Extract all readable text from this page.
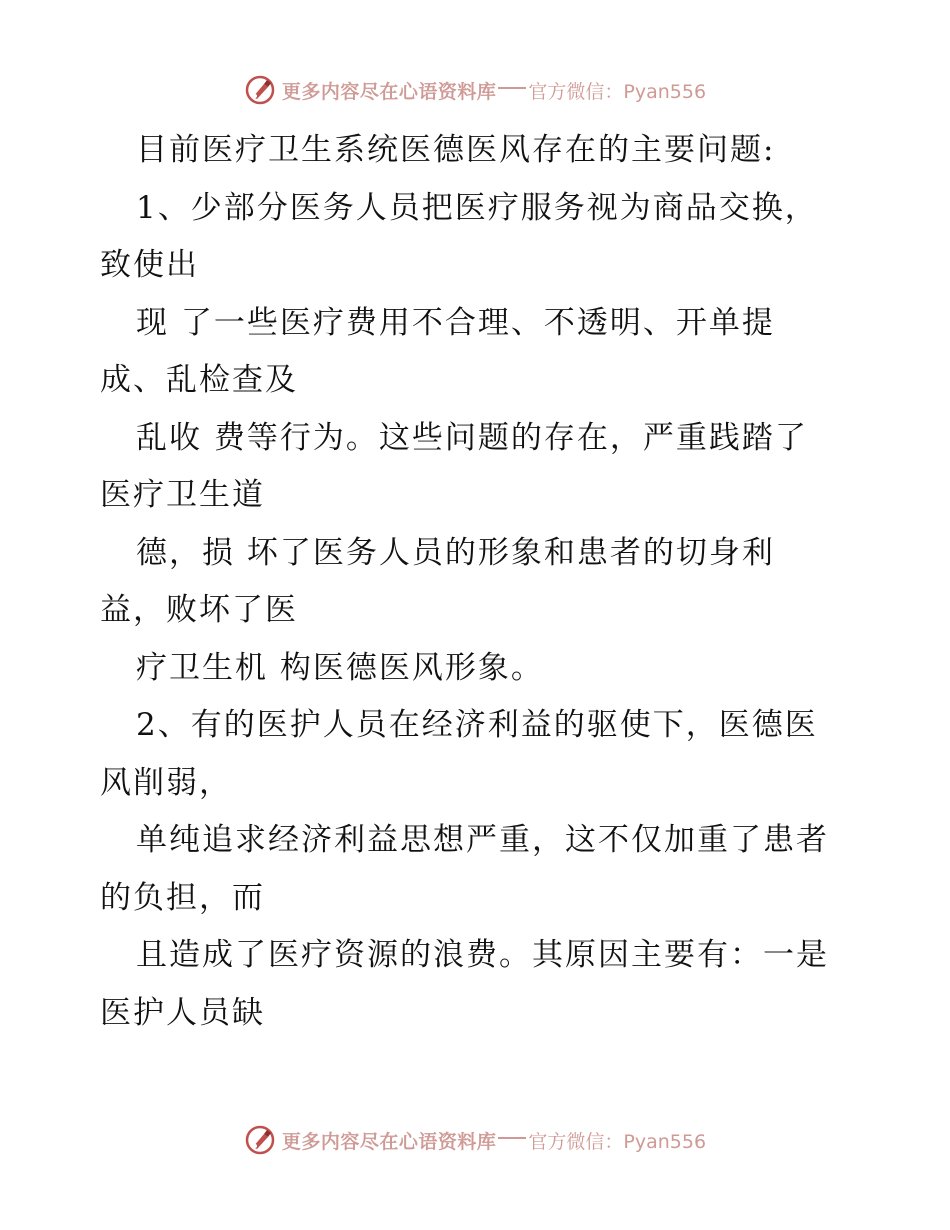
更多内容尽在心语资料库 官方微信：Pyan556
目前医疗卫生系统医德医风存在的主要问题:
1、少部分医务人员把医疗服务视为商品交换，
致使出
现 了一些医疗费用不合理、不透明、开单提
成、乱检查及
乱收 费等行为。这些问题的存在，严重践踏了
医疗卫生道
德，损 坏了医务人员的形象和患者的切身利
益，败坏了医
疗卫生机 构医德医风形象。
2、有的医护人员在经济利益的驱使下，医德医
风削弱，
单纯追求经济利益思想严重，这不仅加重了患者
的负担，而
且造成了医疗资源的浪费。其原因主要有：一是
医护人员缺
更多内容尽在心语资料库 官方微信：Pyan556
